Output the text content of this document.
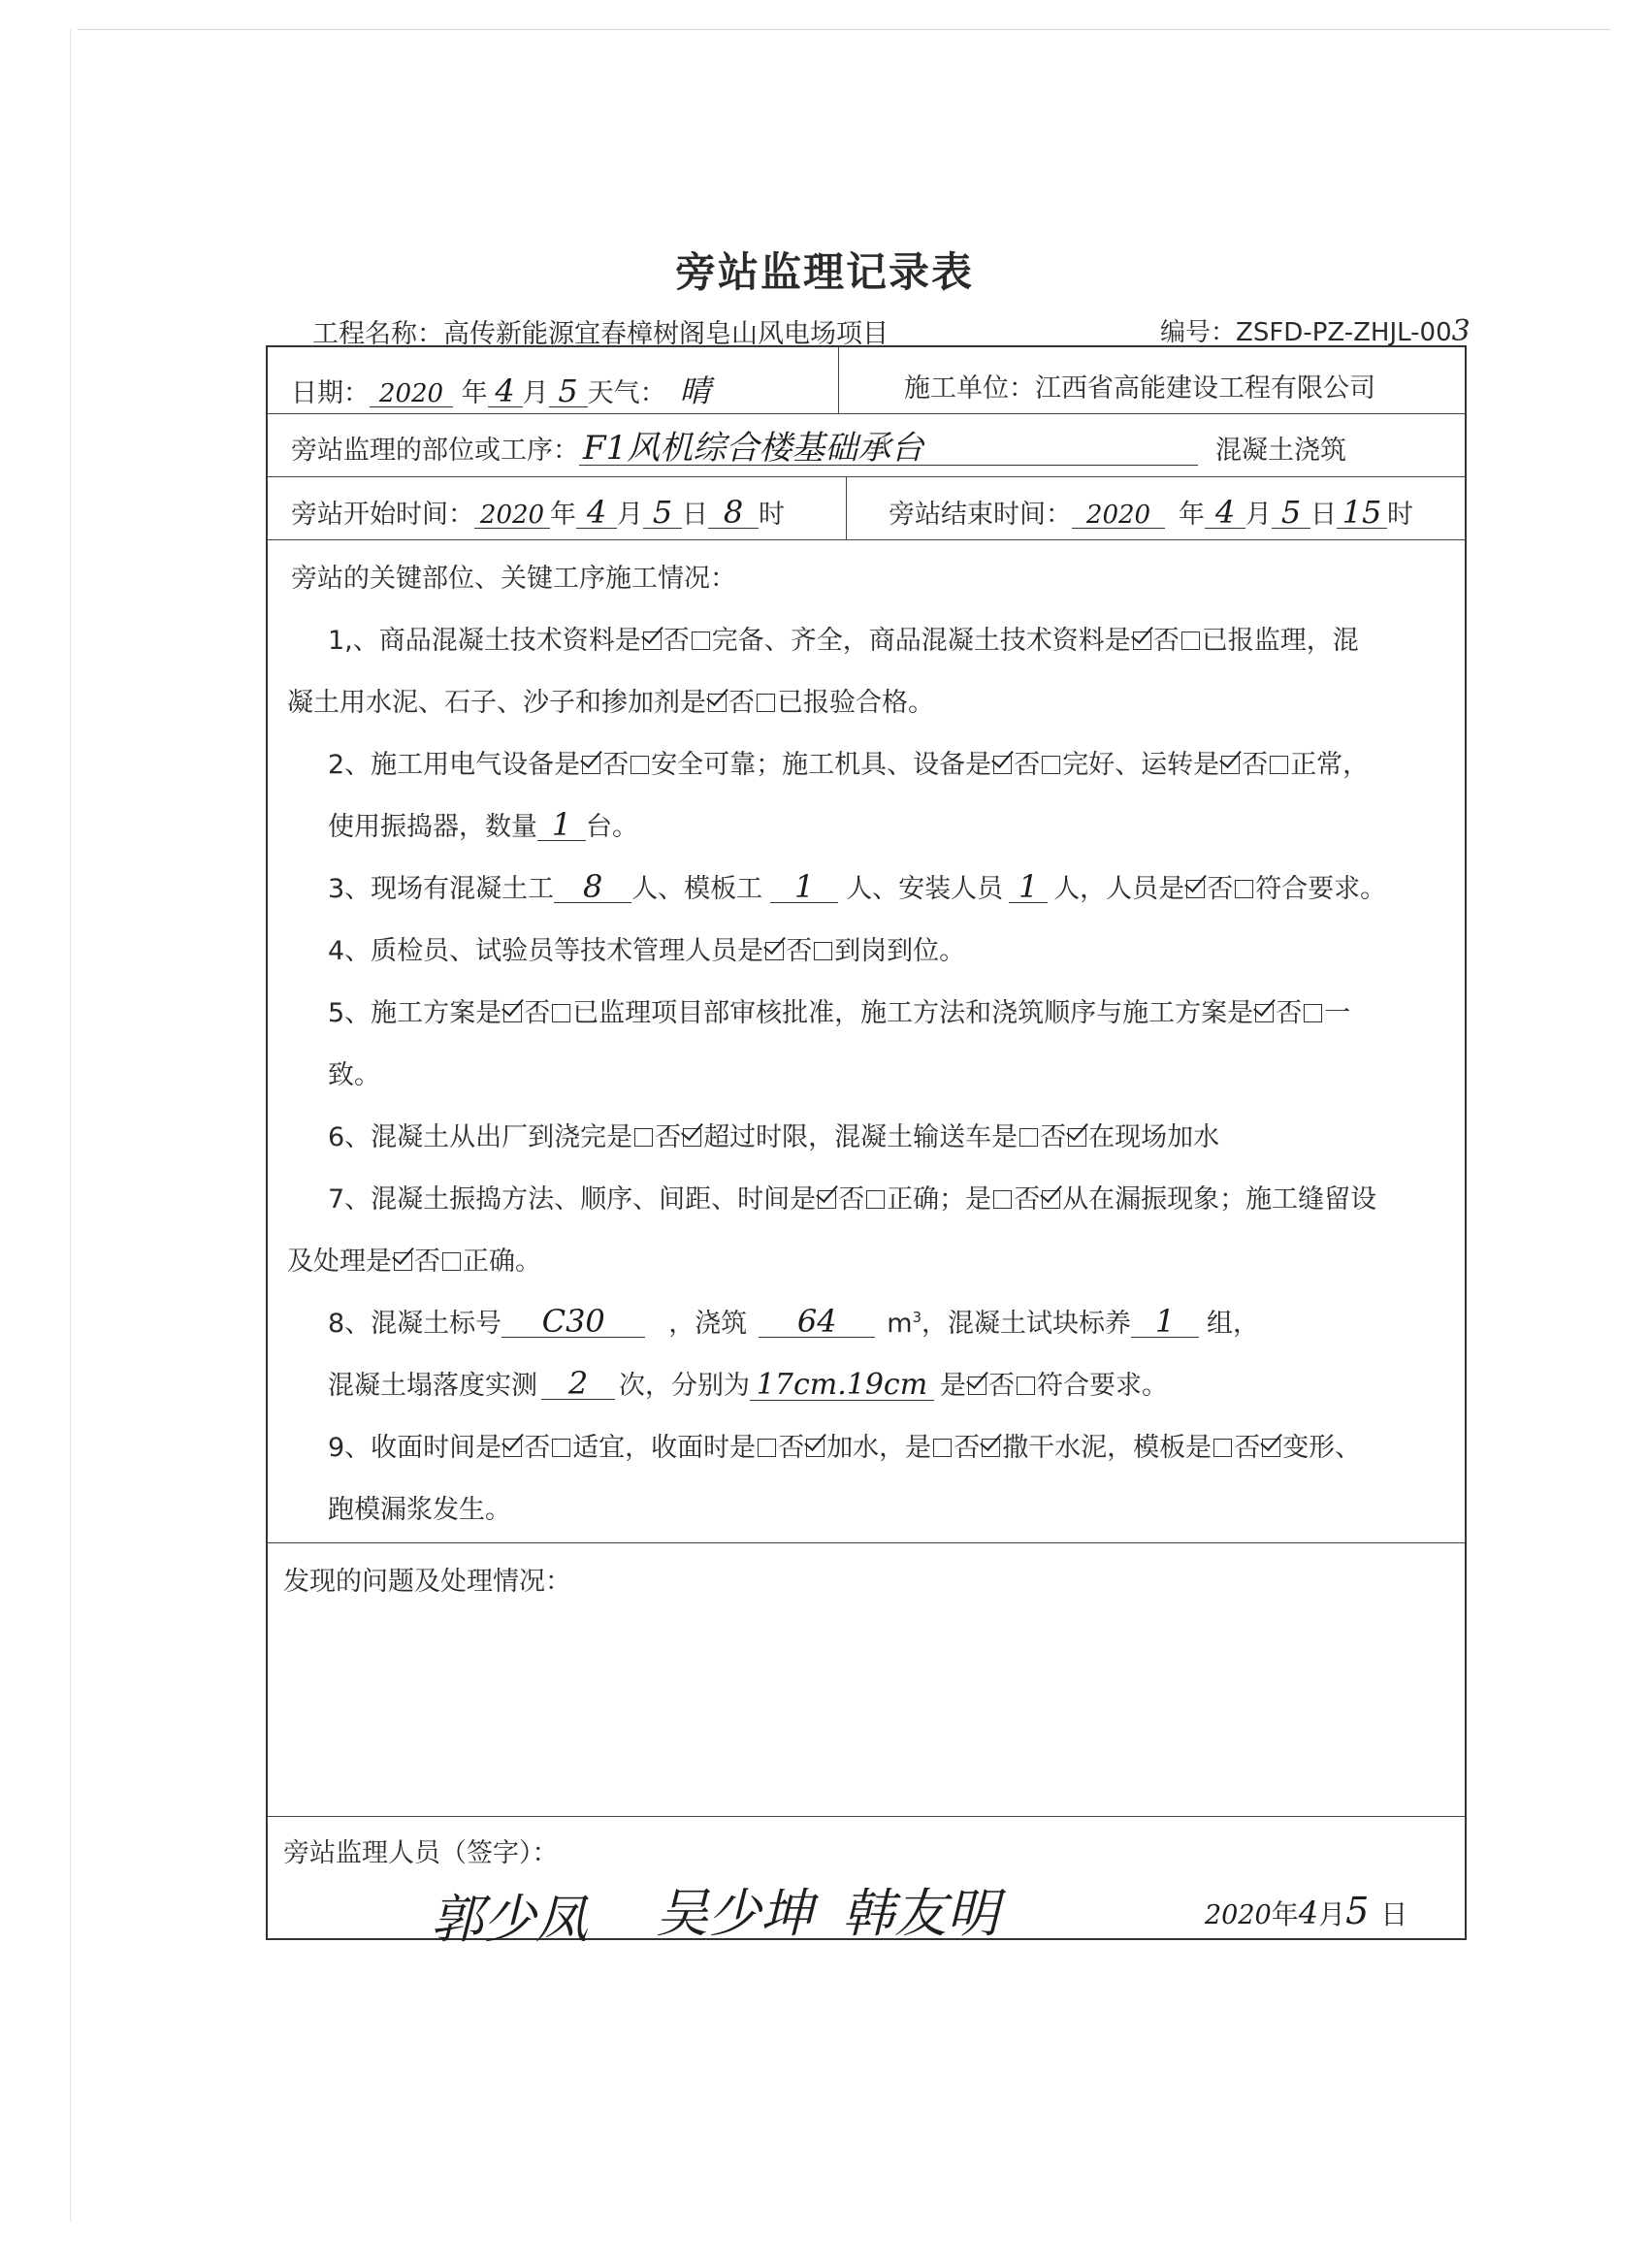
旁站监理记录表
工程名称：高传新能源宜春樟树阁皂山风电场项目	编号：ZSFD-PZ-ZHJL-003
日期： 2020 年 4 月 5 天气： 晴	施工单位：江西省高能建设工程有限公司
旁站监理的部位或工序： F1风机综合楼基础承台	混凝土浇筑
旁站开始时间： 2020 年 4 月 5 日 8 时	旁站结束时间： 2020 年 4 月 5 日 15 时
旁站的关键部位、关键工序施工情况：
1,、商品混凝土技术资料是 否 完备、齐全，商品混凝土技术资料是 否 已报监理，混
凝土用水泥、石子、沙子和掺加剂是 否 已报验合格。
2、施工用电气设备是 否 安全可靠；施工机具、设备是 否 完好、运转是 否 正常，
使用振捣器，数量 1 台。
3、现场有混凝土工 8 人、模板工 1 人、安装人员 1 人，人员是 否 符合要求。
4、质检员、试验员等技术管理人员是 否 到岗到位。
5、施工方案是 否 已监理项目部审核批准，施工方法和浇筑顺序与施工方案是 否 一
致。
6、混凝土从出厂到浇完是 否 超过时限，混凝土输送车是 否 在现场加水
7、混凝土振捣方法、顺序、间距、时间是 否 正确；是 否 从在漏振现象；施工缝留设
及处理是 否 正确。
8、混凝土标号 C30 ，浇筑 64 $m^3$，混凝土试块标养 1 组，
混凝土塌落度实测 2 次，分别为 17cm.19cm 是 否 符合要求。
9、收面时间是 否 适宜，收面时是 否 加水，是 否 撒干水泥，模板是 否 变形、
跑模漏浆发生。
发现的问题及处理情况：
旁站监理人员（签字）：
郭少凤 吴少坤 韩友明	2020年4月5 日
